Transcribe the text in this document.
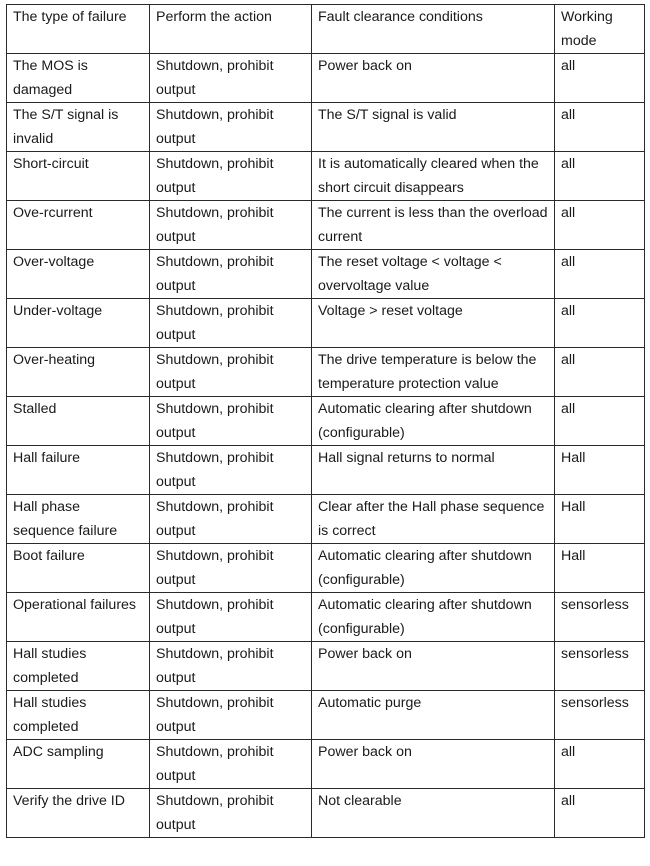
The type of failure	Perform the action	Fault clearance conditions	Working mode
The MOS is damaged	Shutdown, prohibit output	Power back on	all
The S/T signal is invalid	Shutdown, prohibit output	The S/T signal is valid	all
Short-circuit	Shutdown, prohibit output	It is automatically cleared when the short circuit disappears	all
Ove-rcurrent	Shutdown, prohibit output	The current is less than the overload current	all
Over-voltage	Shutdown, prohibit output	The reset voltage < voltage < overvoltage value	all
Under-voltage	Shutdown, prohibit output	Voltage > reset voltage	all
Over-heating	Shutdown, prohibit output	The drive temperature is below the temperature protection value	all
Stalled	Shutdown, prohibit output	Automatic clearing after shutdown (configurable)	all
Hall failure	Shutdown, prohibit output	Hall signal returns to normal	Hall
Hall phase sequence failure	Shutdown, prohibit output	Clear after the Hall phase sequence is correct	Hall
Boot failure	Shutdown, prohibit output	Automatic clearing after shutdown (configurable)	Hall
Operational failures	Shutdown, prohibit output	Automatic clearing after shutdown (configurable)	sensorless
Hall studies completed	Shutdown, prohibit output	Power back on	sensorless
Hall studies completed	Shutdown, prohibit output	Automatic purge	sensorless
ADC sampling	Shutdown, prohibit output	Power back on	all
Verify the drive ID	Shutdown, prohibit output	Not clearable	all
